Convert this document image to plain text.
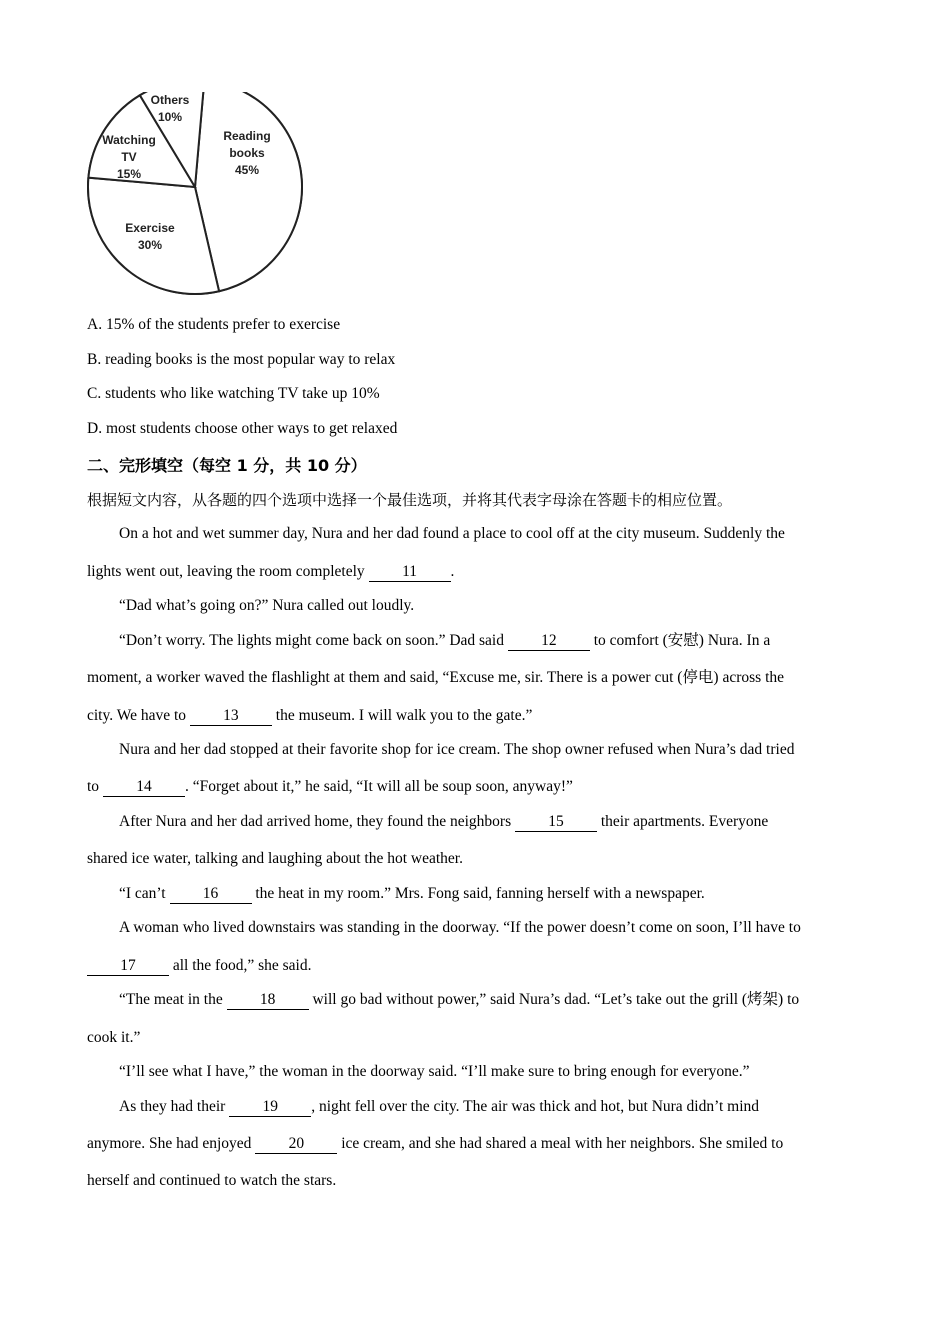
Reading books 45%
Exercise 30%
Watching TV 15%
Others 10%
A. 15% of the students prefer to exercise
B. reading books is the most popular way to relax
C. students who like watching TV take up 10%
D. most students choose other ways to get relaxed
二、完形填空（每空 1 分，共 10 分）
根据短文内容，从各题的四个选项中选择一个最佳选项，并将其代表字母涂在答题卡的相应位置。
On a hot and wet summer day, Nura and her dad found a place to cool off at the city museum. Suddenly the
lights went out, leaving the room completely 11 .
“Dad what’s going on?” Nura called out loudly.
“Don’t worry. The lights might come back on soon.” Dad said 12 to comfort (安慰) Nura. In a
moment, a worker waved the flashlight at them and said, “Excuse me, sir. There is a power cut (停电) across the
city. We have to 13 the museum. I will walk you to the gate.”
Nura and her dad stopped at their favorite shop for ice cream. The shop owner refused when Nura’s dad tried
to 14 . “Forget about it,” he said, “It will all be soup soon, anyway!”
After Nura and her dad arrived home, they found the neighbors 15 their apartments. Everyone
shared ice water, talking and laughing about the hot weather.
“I can’t 16 the heat in my room.” Mrs. Fong said, fanning herself with a newspaper.
A woman who lived downstairs was standing in the doorway. “If the power doesn’t come on soon, I’ll have to
17 all the food,” she said.
“The meat in the 18 will go bad without power,” said Nura’s dad. “Let’s take out the grill (烤架) to
cook it.”
“I’ll see what I have,” the woman in the doorway said. “I’ll make sure to bring enough for everyone.”
As they had their 19 , night fell over the city. The air was thick and hot, but Nura didn’t mind
anymore. She had enjoyed 20 ice cream, and she had shared a meal with her neighbors. She smiled to
herself and continued to watch the stars.
